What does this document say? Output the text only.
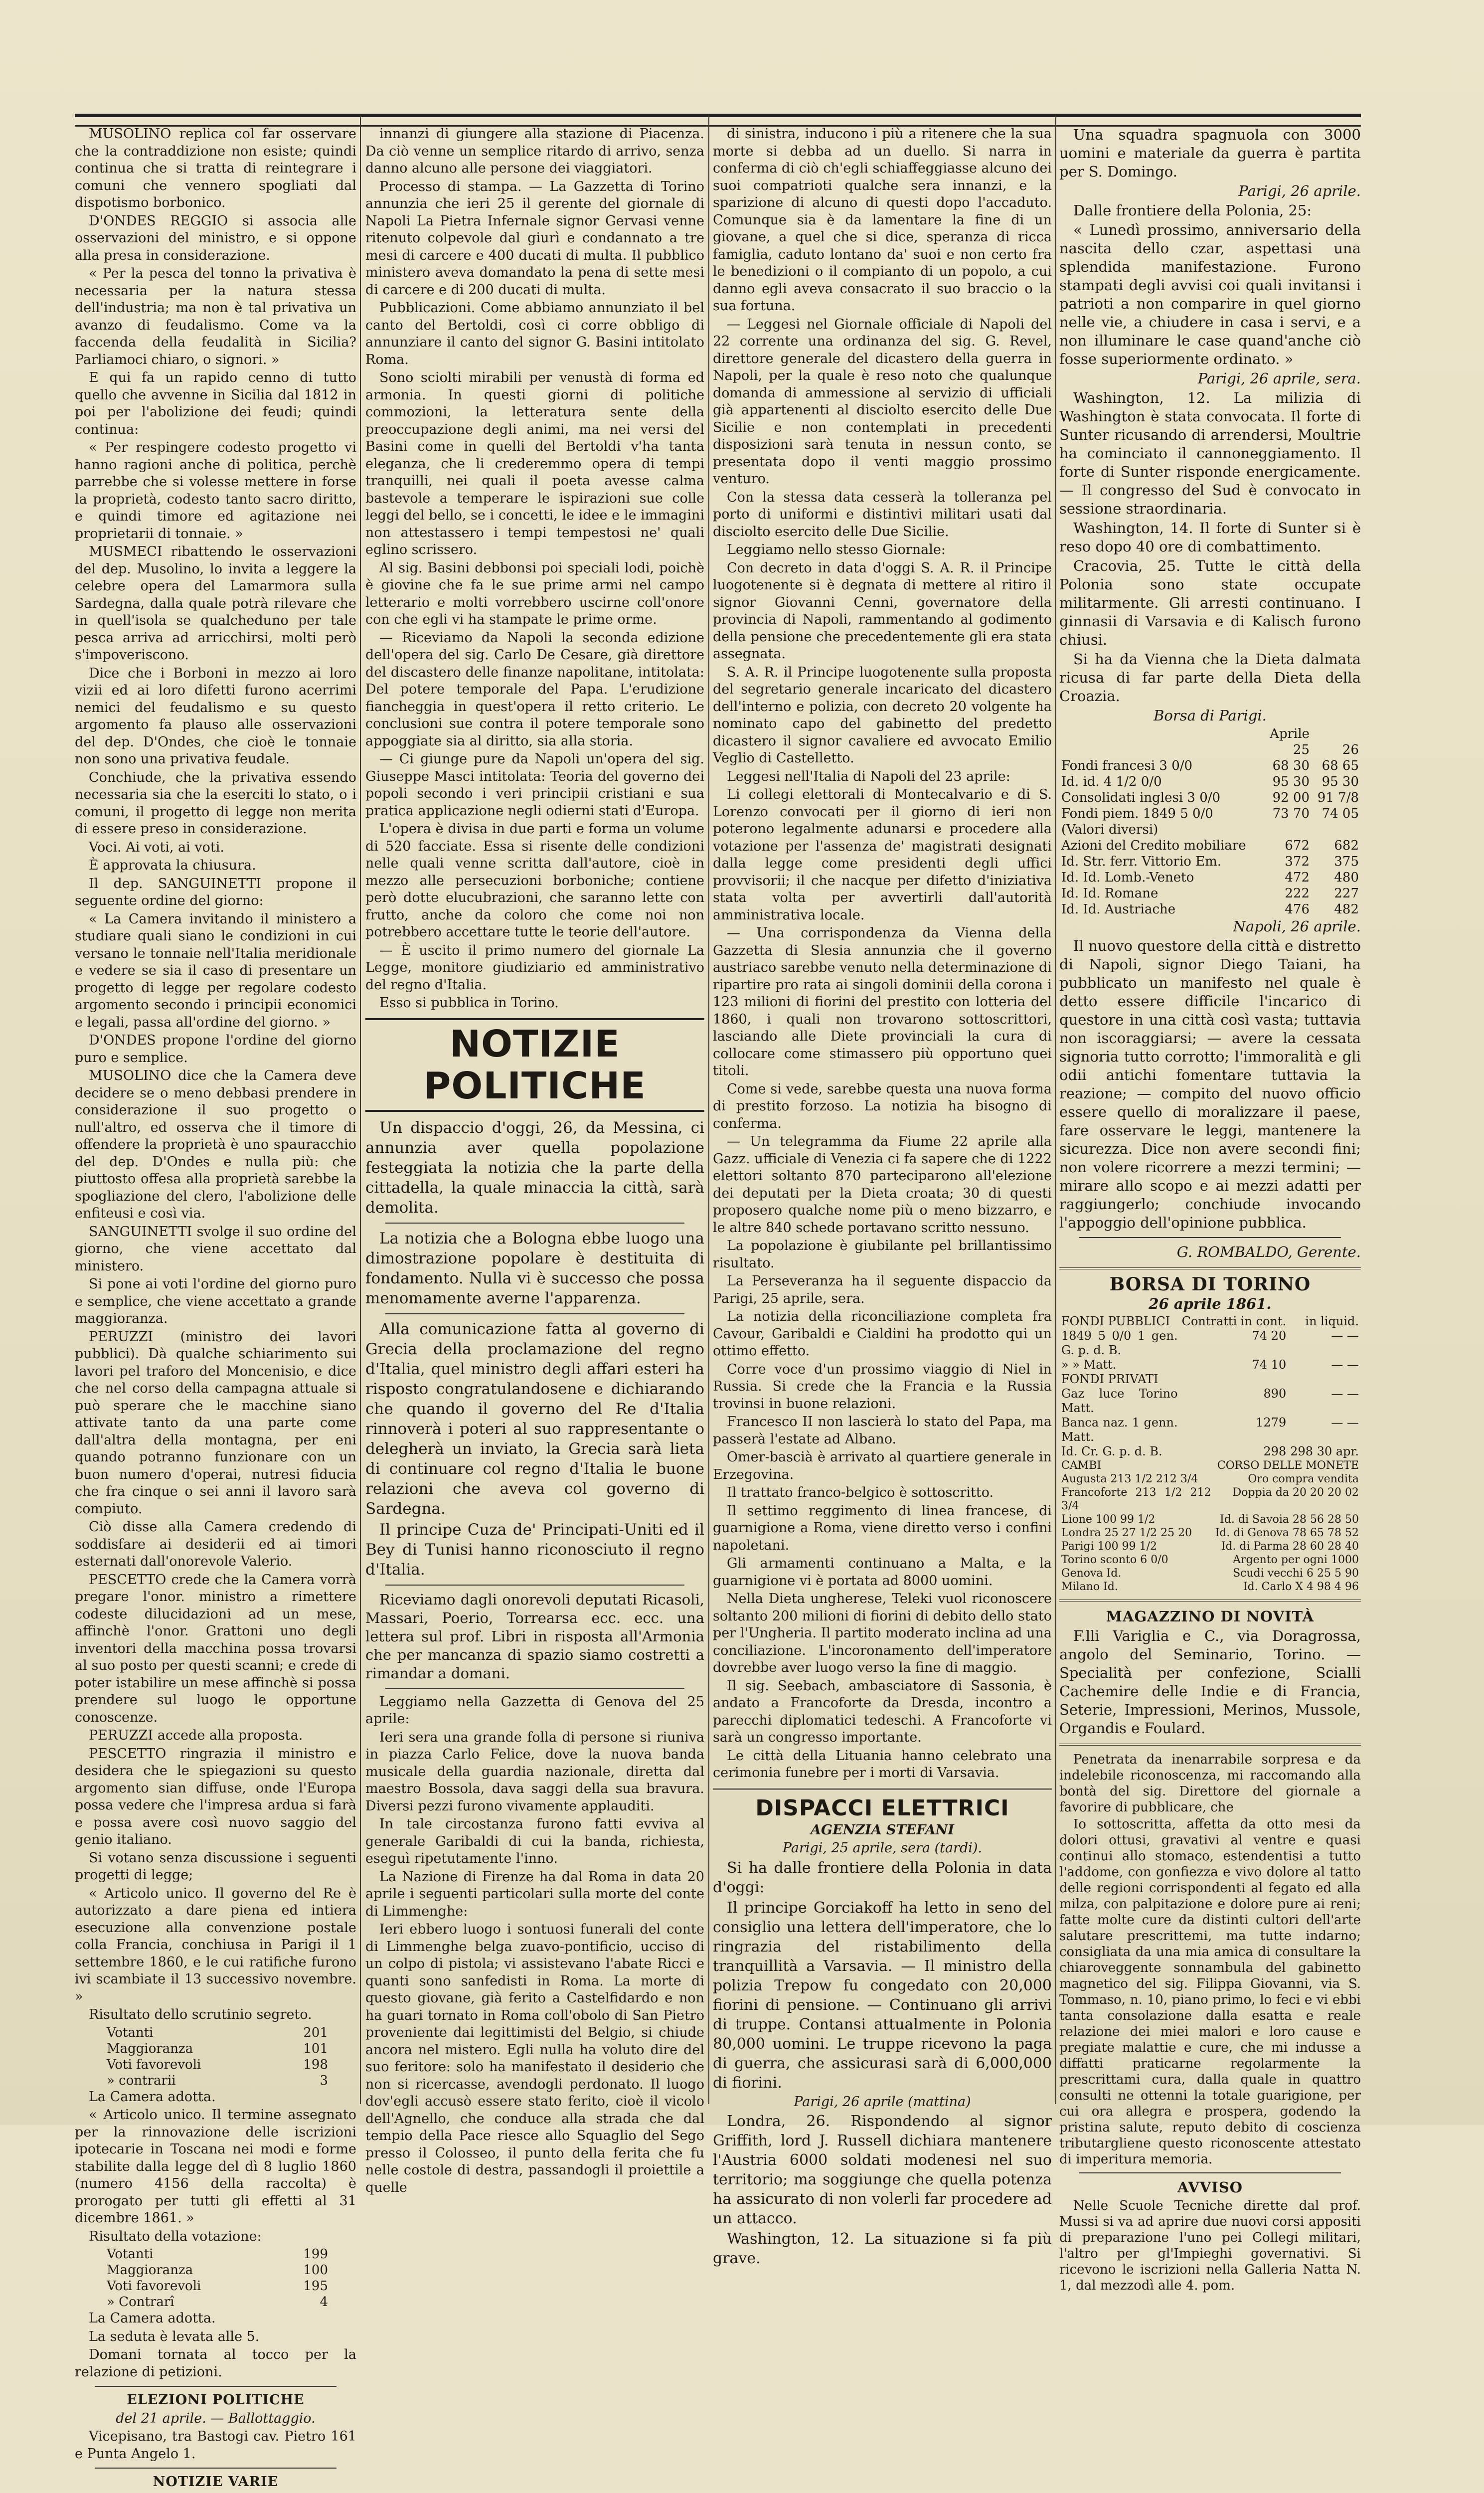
MUSOLINO replica col far osservare che la contraddizione non esiste; quindi continua che si tratta di reintegrare i comuni che vennero spogliati dal dispotismo borbonico.

D'ONDES REGGIO si associa alle osservazioni del ministro, e si oppone alla presa in considerazione.

« Per la pesca del tonno la privativa è necessaria per la natura stessa dell'industria; ma non è tal privativa un avanzo di feudalismo. Come va la faccenda della feudalità in Sicilia? Parliamoci chiaro, o signori. »

E qui fa un rapido cenno di tutto quello che avvenne in Sicilia dal 1812 in poi per l'abolizione dei feudi; quindi continua:

« Per respingere codesto progetto vi hanno ragioni anche di politica, perchè parrebbe che si volesse mettere in forse la proprietà, codesto tanto sacro diritto, e quindi timore ed agitazione nei proprietarii di tonnaie. »

MUSMECI ribattendo le osservazioni del dep. Musolino, lo invita a leggere la celebre opera del Lamarmora sulla Sardegna, dalla quale potrà rilevare che in quell'isola se qualcheduno per tale pesca arriva ad arricchirsi, molti però s'impoveriscono.

Dice che i Borboni in mezzo ai loro vizii ed ai loro difetti furono acerrimi nemici del feudalismo e su questo argomento fa plauso alle osservazioni del dep. D'Ondes, che cioè le tonnaie non sono una privativa feudale.

Conchiude, che la privativa essendo necessaria sia che la eserciti lo stato, o i comuni, il progetto di legge non merita di essere preso in considerazione.

Voci. Ai voti, ai voti.

È approvata la chiusura.

Il dep. SANGUINETTI propone il seguente ordine del giorno:

« La Camera invitando il ministero a studiare quali siano le condizioni in cui versano le tonnaie nell'Italia meridionale e vedere se sia il caso di presentare un progetto di legge per regolare codesto argomento secondo i principii economici e legali, passa all'ordine del giorno. »

D'ONDES propone l'ordine del giorno puro e semplice.

MUSOLINO dice che la Camera deve decidere se o meno debbasi prendere in considerazione il suo progetto o null'altro, ed osserva che il timore di offendere la proprietà è uno spauracchio del dep. D'Ondes e nulla più: che piuttosto offesa alla proprietà sarebbe la spogliazione del clero, l'abolizione delle enfiteusi e così via.

SANGUINETTI svolge il suo ordine del giorno, che viene accettato dal ministero.

Si pone ai voti l'ordine del giorno puro e semplice, che viene accettato a grande maggioranza.

PERUZZI (ministro dei lavori pubblici). Dà qualche schiarimento sui lavori pel traforo del Moncenisio, e dice che nel corso della campagna attuale si può sperare che le macchine siano attivate tanto da una parte come dall'altra della montagna, per eni quando potranno funzionare con un buon numero d'operai, nutresi fiducia che fra cinque o sei anni il lavoro sarà compiuto.

Ciò disse alla Camera credendo di soddisfare ai desiderii ed ai timori esternati dall'onorevole Valerio.

PESCETTO crede che la Camera vorrà pregare l'onor. ministro a rimettere codeste dilucidazioni ad un mese, affinchè l'onor. Grattoni uno degli inventori della macchina possa trovarsi al suo posto per questi scanni; e crede di poter istabilire un mese affinchè si possa prendere sul luogo le opportune conoscenze.

PERUZZI accede alla proposta.

PESCETTO ringrazia il ministro e desidera che le spiegazioni su questo argomento sian diffuse, onde l'Europa possa vedere che l'impresa ardua si farà e possa avere così nuovo saggio del genio italiano.

Si votano senza discussione i seguenti progetti di legge;

« Articolo unico. Il governo del Re è autorizzato a dare piena ed intiera esecuzione alla convenzione postale colla Francia, conchiusa in Parigi il 1 settembre 1860, e le cui ratifiche furono ivi scambiate il 13 successivo novembre. »

Risultato dello scrutinio segreto.

Votanti	201
Maggioranza	101
Voti favorevoli	198
» contrarii	3

La Camera adotta.

« Articolo unico. Il termine assegnato per la rinnovazione delle iscrizioni ipotecarie in Toscana nei modi e forme stabilite dalla legge del dì 8 luglio 1860 (numero 4156 della raccolta) è prorogato per tutti gli effetti al 31 dicembre 1861. »

Risultato della votazione:

Votanti	199
Maggioranza	100
Voti favorevoli	195
» Contrarî	4

La Camera adotta.

La seduta è levata alle 5.

Domani tornata al tocco per la relazione di petizioni.

ELEZIONI POLITICHE

del 21 aprile. — Ballottaggio.

Vicepisano, tra Bastogi cav. Pietro 161 e Punta Angelo 1.

NOTIZIE VARIE

innanzi di giungere alla stazione di Piacenza. Da ciò venne un semplice ritardo di arrivo, senza danno alcuno alle persone dei viaggiatori.

Processo di stampa. — La Gazzetta di Torino annunzia che ieri 25 il gerente del giornale di Napoli La Pietra Infernale signor Gervasi venne ritenuto colpevole dal giurì e condannato a tre mesi di carcere e 400 ducati di multa. Il pubblico ministero aveva domandato la pena di sette mesi di carcere e di 200 ducati di multa.

Pubblicazioni. Come abbiamo annunziato il bel canto del Bertoldi, così ci corre obbligo di annunziare il canto del signor G. Basini intitolato Roma.

Sono sciolti mirabili per venustà di forma ed armonia. In questi giorni di politiche commozioni, la letteratura sente della preoccupazione degli animi, ma nei versi del Basini come in quelli del Bertoldi v'ha tanta eleganza, che li crederemmo opera di tempi tranquilli, nei quali il poeta avesse calma bastevole a temperare le ispirazioni sue colle leggi del bello, se i concetti, le idee e le immagini non attestassero i tempi tempestosi ne' quali eglino scrissero.

Al sig. Basini debbonsi poi speciali lodi, poichè è giovine che fa le sue prime armi nel campo letterario e molti vorrebbero uscirne coll'onore con che egli vi ha stampate le prime orme.

— Riceviamo da Napoli la seconda edizione dell'opera del sig. Carlo De Cesare, già direttore del discastero delle finanze napolitane, intitolata: Del potere temporale del Papa. L'erudizione fiancheggia in quest'opera il retto criterio. Le conclusioni sue contra il potere temporale sono appoggiate sia al diritto, sia alla storia.

— Ci giunge pure da Napoli un'opera del sig. Giuseppe Masci intitolata: Teoria del governo dei popoli secondo i veri principii cristiani e sua pratica applicazione negli odierni stati d'Europa.

L'opera è divisa in due parti e forma un volume di 520 facciate. Essa si risente delle condizioni nelle quali venne scritta dall'autore, cioè in mezzo alle persecuzioni borboniche; contiene però dotte elucubrazioni, che saranno lette con frutto, anche da coloro che come noi non potrebbero accettare tutte le teorie dell'autore.

— È uscito il primo numero del giornale La Legge, monitore giudiziario ed amministrativo del regno d'Italia.

Esso si pubblica in Torino.

NOTIZIE POLITICHE

Un dispaccio d'oggi, 26, da Messina, ci annunzia aver quella popolazione festeggiata la notizia che la parte della cittadella, la quale minaccia la città, sarà demolita.

La notizia che a Bologna ebbe luogo una dimostrazione popolare è destituita di fondamento. Nulla vi è successo che possa menomamente averne l'apparenza.

Alla comunicazione fatta al governo di Grecia della proclamazione del regno d'Italia, quel ministro degli affari esteri ha risposto congratulandosene e dichiarando che quando il governo del Re d'Italia rinnoverà i poteri al suo rappresentante o delegherà un inviato, la Grecia sarà lieta di continuare col regno d'Italia le buone relazioni che aveva col governo di Sardegna.

Il principe Cuza de' Principati-Uniti ed il Bey di Tunisi hanno riconosciuto il regno d'Italia.

Riceviamo dagli onorevoli deputati Ricasoli, Massari, Poerio, Torrearsa ecc. ecc. una lettera sul prof. Libri in risposta all'Armonia che per mancanza di spazio siamo costretti a rimandar a domani.

Leggiamo nella Gazzetta di Genova del 25 aprile:

Ieri sera una grande folla di persone si riuniva in piazza Carlo Felice, dove la nuova banda musicale della guardia nazionale, diretta dal maestro Bossola, dava saggi della sua bravura. Diversi pezzi furono vivamente applauditi.

In tale circostanza furono fatti evviva al generale Garibaldi di cui la banda, richiesta, eseguì ripetutamente l'inno.

La Nazione di Firenze ha dal Roma in data 20 aprile i seguenti particolari sulla morte del conte di Limmenghe:

Ieri ebbero luogo i sontuosi funerali del conte di Limmenghe belga zuavo-pontificio, ucciso di un colpo di pistola; vi assistevano l'abate Ricci e quanti sono sanfedisti in Roma. La morte di questo giovane, già ferito a Castelfidardo e non ha guari tornato in Roma coll'obolo di San Pietro proveniente dai legittimisti del Belgio, si chiude ancora nel mistero. Egli nulla ha voluto dire del suo feritore: solo ha manifestato il desiderio che non si ricercasse, avendogli perdonato. Il luogo dov'egli accusò essere stato ferito, cioè il vicolo dell'Agnello, che conduce alla strada che dal tempio della Pace riesce allo Squaglio del Sego presso il Colosseo, il punto della ferita che fu nelle costole di destra, passandogli il proiettile a quelle

di sinistra, inducono i più a ritenere che la sua morte si debba ad un duello. Si narra in conferma di ciò ch'egli schiaffeggiasse alcuno dei suoi compatrioti qualche sera innanzi, e la sparizione di alcuno di questi dopo l'accaduto. Comunque sia è da lamentare la fine di un giovane, a quel che si dice, speranza di ricca famiglia, caduto lontano da' suoi e non certo fra le benedizioni o il compianto di un popolo, a cui danno egli aveva consacrato il suo braccio o la sua fortuna.

— Leggesi nel Giornale officiale di Napoli del 22 corrente una ordinanza del sig. G. Revel, direttore generale del dicastero della guerra in Napoli, per la quale è reso noto che qualunque domanda di ammessione al servizio di ufficiali già appartenenti al disciolto esercito delle Due Sicilie e non contemplati in precedenti disposizioni sarà tenuta in nessun conto, se presentata dopo il venti maggio prossimo venturo.

Con la stessa data cesserà la tolleranza pel porto di uniformi e distintivi militari usati dal disciolto esercito delle Due Sicilie.

Leggiamo nello stesso Giornale:

Con decreto in data d'oggi S. A. R. il Principe luogotenente si è degnata di mettere al ritiro il signor Giovanni Cenni, governatore della provincia di Napoli, rammentando al godimento della pensione che precedentemente gli era stata assegnata.

S. A. R. il Principe luogotenente sulla proposta del segretario generale incaricato del dicastero dell'interno e polizia, con decreto 20 volgente ha nominato capo del gabinetto del predetto dicastero il signor cavaliere ed avvocato Emilio Veglio di Castelletto.

Leggesi nell'Italia di Napoli del 23 aprile:

Li collegi elettorali di Montecalvario e di S. Lorenzo convocati per il giorno di ieri non poterono legalmente adunarsi e procedere alla votazione per l'assenza de' magistrati designati dalla legge come presidenti degli uffici provvisorii; il che nacque per difetto d'iniziativa stata volta per avvertirli dall'autorità amministrativa locale.

— Una corrispondenza da Vienna della Gazzetta di Slesia annunzia che il governo austriaco sarebbe venuto nella determinazione di ripartire pro rata ai singoli dominii della corona i 123 milioni di fiorini del prestito con lotteria del 1860, i quali non trovarono sottoscrittori, lasciando alle Diete provinciali la cura di collocare come stimassero più opportuno quei titoli.

Come si vede, sarebbe questa una nuova forma di prestito forzoso. La notizia ha bisogno di conferma.

— Un telegramma da Fiume 22 aprile alla Gazz. ufficiale di Venezia ci fa sapere che di 1222 elettori soltanto 870 parteciparono all'elezione dei deputati per la Dieta croata; 30 di questi proposero qualche nome più o meno bizzarro, e le altre 840 schede portavano scritto nessuno.

La popolazione è giubilante pel brillantissimo risultato.

La Perseveranza ha il seguente dispaccio da Parigi, 25 aprile, sera.

La notizia della riconciliazione completa fra Cavour, Garibaldi e Cialdini ha prodotto qui un ottimo effetto.

Corre voce d'un prossimo viaggio di Niel in Russia. Si crede che la Francia e la Russia trovinsi in buone relazioni.

Francesco II non lascierà lo stato del Papa, ma passerà l'estate ad Albano.

Omer-bascià è arrivato al quartiere generale in Erzegovina.

Il trattato franco-belgico è sottoscritto.

Il settimo reggimento di linea francese, di guarnigione a Roma, viene diretto verso i confini napoletani.

Gli armamenti continuano a Malta, e la guarnigione vi è portata ad 8000 uomini.

Nella Dieta ungherese, Teleki vuol riconoscere soltanto 200 milioni di fiorini di debito dello stato per l'Ungheria. Il partito moderato inclina ad una conciliazione. L'incoronamento dell'imperatore dovrebbe aver luogo verso la fine di maggio.

Il sig. Seebach, ambasciatore di Sassonia, è andato a Francoforte da Dresda, incontro a parecchi diplomatici tedeschi. A Francoforte vi sarà un congresso importante.

Le città della Lituania hanno celebrato una cerimonia funebre per i morti di Varsavia.

DISPACCI ELETTRICI

AGENZIA STEFANI

Parigi, 25 aprile, sera (tardi).

Si ha dalle frontiere della Polonia in data d'oggi:

Il principe Gorciakoff ha letto in seno del consiglio una lettera dell'imperatore, che lo ringrazia del ristabilimento della tranquillità a Varsavia. — Il ministro della polizia Trepow fu congedato con 20,000 fiorini di pensione. — Continuano gli arrivi di truppe. Contansi attualmente in Polonia 80,000 uomini. Le truppe ricevono la paga di guerra, che assicurasi sarà di 6,000,000 di fiorini.

Parigi, 26 aprile (mattina)

Londra, 26. Rispondendo al signor Griffith, lord J. Russell dichiara mantenere l'Austria 6000 soldati modenesi nel suo territorio; ma soggiunge che quella potenza ha assicurato di non volerli far procedere ad un attacco.

Washington, 12. La situazione si fa più grave.

Una squadra spagnuola con 3000 uomini e materiale da guerra è partita per S. Domingo.

Parigi, 26 aprile.

Dalle frontiere della Polonia, 25:

« Lunedì prossimo, anniversario della nascita dello czar, aspettasi una splendida manifestazione. Furono stampati degli avvisi coi quali invitansi i patrioti a non comparire in quel giorno nelle vie, a chiudere in casa i servi, e a non illuminare le case quand'anche ciò fosse superiormente ordinato. »

Parigi, 26 aprile, sera.

Washington, 12. La milizia di Washington è stata convocata. Il forte di Sunter ricusando di arrendersi, Moultrie ha cominciato il cannoneggiamento. Il forte di Sunter risponde energicamente. — Il congresso del Sud è convocato in sessione straordinaria.

Washington, 14. Il forte di Sunter si è reso dopo 40 ore di combattimento.

Cracovia, 25. Tutte le città della Polonia sono state occupate militarmente. Gli arresti continuano. I ginnasii di Varsavia e di Kalisch furono chiusi.

Si ha da Vienna che la Dieta dalmata ricusa di far parte della Dieta della Croazia.

Borsa di Parigi.

	Aprile	
	25	26
Fondi francesi 3 0/0	68 30	68 65
Id. id. 4 1/2 0/0	95 30	95 30
Consolidati inglesi 3 0/0	92 00	91 7/8
Fondi piem. 1849 5 0/0	73 70	74 05
(Valori diversi)		
Azioni del Credito mobiliare	672	682
Id. Str. ferr. Vittorio Em.	372	375
Id. Id. Lomb.-Veneto	472	480
Id. Id. Romane	222	227
Id. Id. Austriache	476	482

Napoli, 26 aprile.

Il nuovo questore della città e distretto di Napoli, signor Diego Taiani, ha pubblicato un manifesto nel quale è detto essere difficile l'incarico di questore in una città così vasta; tuttavia non iscoraggiarsi; — avere la cessata signoria tutto corrotto; l'immoralità e gli odii antichi fomentare tuttavia la reazione; — compito del nuovo officio essere quello di moralizzare il paese, fare osservare le leggi, mantenere la sicurezza. Dice non avere secondi fini; non volere ricorrere a mezzi termini; — mirare allo scopo e ai mezzi adatti per raggiungerlo; conchiude invocando l'appoggio dell'opinione pubblica.

G. ROMBALDO, Gerente.

BORSA DI TORINO

26 aprile 1861.

FONDI PUBBLICI	Contratti in cont.	in liquid.
1849 5 0/0 1 gen. G. p. d. B.	74 20	— —
» » Matt.	74 10	— —
FONDI PRIVATI		
Gaz luce Torino Matt.	890	— —
Banca naz. 1 genn. Matt.	1279	— —
Id. Cr. G. p. d. B.	298	298 30 apr.
CAMBI	CORSO DELLE MONETE
Augusta 213 1/2 212 3/4	Oro compra vendita
Francoforte 213 1/2 212 3/4	Doppia da 20 20 20 02
Lione 100 99 1/2	Id. di Savoia 28 56 28 50
Londra 25 27 1/2 25 20	Id. di Genova 78 65 78 52
Parigi 100 99 1/2	Id. di Parma 28 60 28 40
Torino sconto 6 0/0	Argento per ogni 1000
Genova Id.	Scudi vecchi 6 25 5 90
Milano Id.	Id. Carlo X 4 98 4 96

MAGAZZINO DI NOVITÀ

F.lli Variglia e C., via Doragrossa, angolo del Seminario, Torino. — Specialità per confezione, Scialli Cachemire delle Indie e di Francia, Seterie, Impressioni, Merinos, Mussole, Organdis e Foulard.

Penetrata da inenarrabile sorpresa e da indelebile riconoscenza, mi raccomando alla bontà del sig. Direttore del giornale a favorire di pubblicare, che

Io sottoscritta, affetta da otto mesi da dolori ottusi, gravativi al ventre e quasi continui allo stomaco, estendentisi a tutto l'addome, con gonfiezza e vivo dolore al tatto delle regioni corrispondenti al fegato ed alla milza, con palpitazione e dolore pure ai reni; fatte molte cure da distinti cultori dell'arte salutare prescrittemi, ma tutte indarno; consigliata da una mia amica di consultare la chiaroveggente sonnambula del gabinetto magnetico del sig. Filippa Giovanni, via S. Tommaso, n. 10, piano primo, lo feci e vi ebbi tanta consolazione dalla esatta e reale relazione dei miei malori e loro cause e pregiate malattie e cure, che mi indusse a diffatti praticarne regolarmente la prescrittami cura, dalla quale in quattro consulti ne ottenni la totale guarigione, per cui ora allegra e prospera, godendo la pristina salute, reputo debito di coscienza tributargliene questo riconoscente attestato di imperitura memoria.

AVVISO

Nelle Scuole Tecniche dirette dal prof. Mussi si va ad aprire due nuovi corsi appositi di preparazione l'uno pei Collegi militari, l'altro per gl'Impieghi governativi. Si ricevono le iscrizioni nella Galleria Natta N. 1, dal mezzodì alle 4. pom.
